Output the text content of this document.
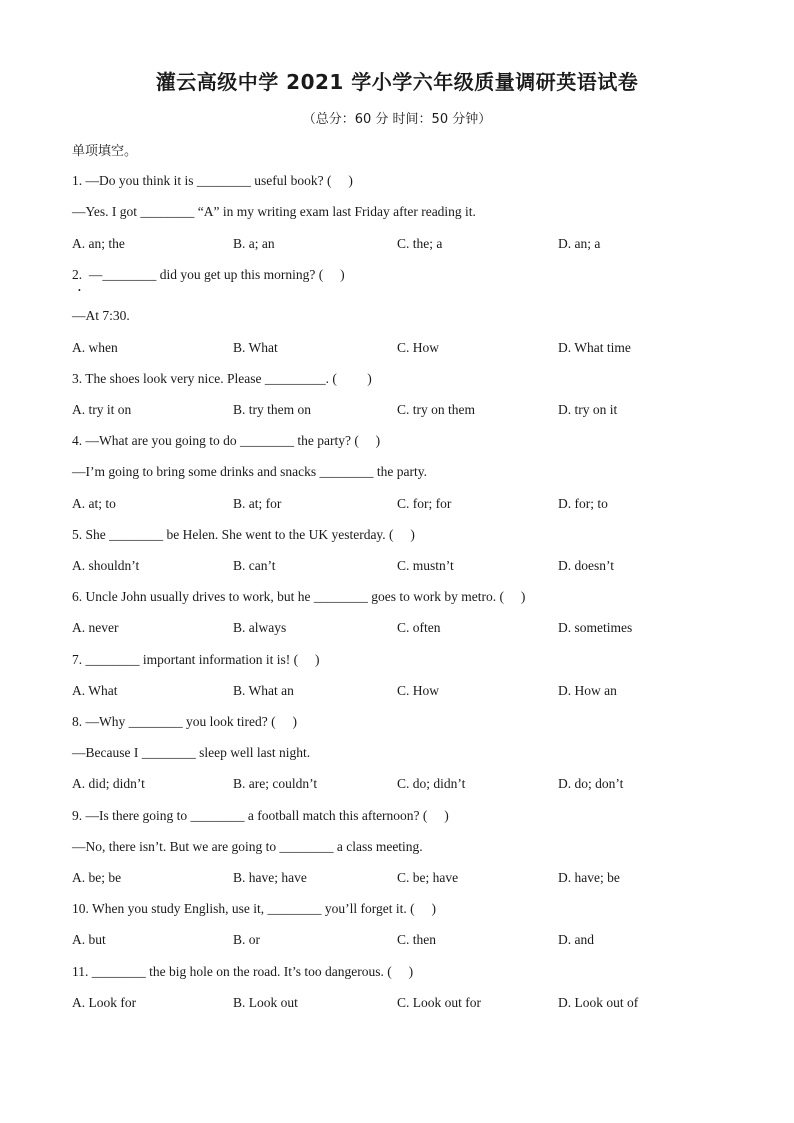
灌云高级中学 2021 学小学六年级质量调研英语试卷
（总分：60 分 时间：50 分钟）
单项填空。
1. —Do you think it is ________ useful book? (     )
—Yes. I got ________ “A” in my writing exam last Friday after reading it.
A. an; the	B. a; an	C. the; a	D. an; a
2.  —________ did you get up this morning? (     )
•
—At 7:30.
A. when	B. What	C. How	D. What time
3. The shoes look very nice. Please _________. (         )
A. try it on	B. try them on	C. try on them	D. try on it
4. —What are you going to do ________ the party? (     )
—I’m going to bring some drinks and snacks ________ the party.
A. at; to	B. at; for	C. for; for	D. for; to
5. She ________ be Helen. She went to the UK yesterday. (     )
A. shouldn’t	B. can’t	C. mustn’t	D. doesn’t
6. Uncle John usually drives to work, but he ________ goes to work by metro. (     )
A. never	B. always	C. often	D. sometimes
7. ________ important information it is! (     )
A. What	B. What an	C. How	D. How an
8. —Why ________ you look tired? (     )
—Because I ________ sleep well last night.
A. did; didn’t	B. are; couldn’t	C. do; didn’t	D. do; don’t
9. —Is there going to ________ a football match this afternoon? (     )
—No, there isn’t. But we are going to ________ a class meeting.
A. be; be	B. have; have	C. be; have	D. have; be
10. When you study English, use it, ________ you’ll forget it. (     )
A. but	B. or	C. then	D. and
11. ________ the big hole on the road. It’s too dangerous. (     )
A. Look for	B. Look out	C. Look out for	D. Look out of
